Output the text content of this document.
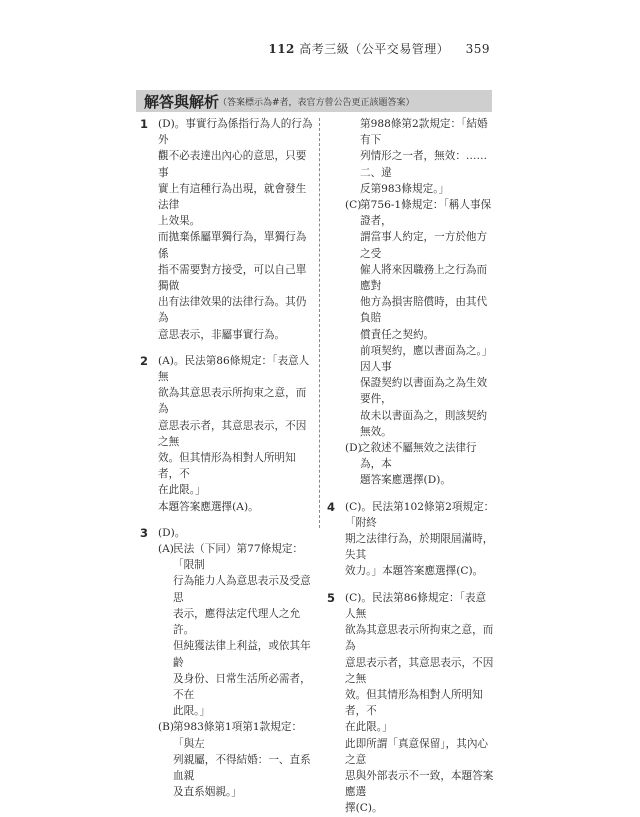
112 高考三級（公平交易管理） 359
解答與解析
（答案標示為#者，表官方曾公告更正該題答案）
1 (D)。事實行為係指行為人的行為外
觀不必表達出內心的意思，只要事
實上有這種行為出現，就會發生法律
上效果。
而拋棄係屬單獨行為，單獨行為係
指不需要對方接受，可以自己單獨做
出有法律效果的法律行為。其仍為
意思表示，非屬事實行為。
2 (A)。民法第86條規定：「表意人無
欲為其意思表示所拘束之意，而為
意思表示者，其意思表示，不因之無
效。但其情形為相對人所明知者，不
在此限。」
本題答案應選擇(A)。
3 (D)。
(A) 民法（下同）第77條規定：「限制
行為能力人為意思表示及受意思
表示，應得法定代理人之允許。
但純獲法律上利益，或依其年齡
及身份、日常生活所必需者，不在
此限。」
(B)
第983條第1項第1款規定：「與左
列親屬，不得結婚：一、直系血親
及直系姻親。」
第988條第2款規定：「結婚有下
列情形之一者，無效：……二、違
反第983條規定。」
(C)
第756-1條規定：「稱人事保證者，
謂當事人約定，一方於他方之受
僱人將來因職務上之行為而應對
他方為損害賠償時，由其代負賠
償責任之契約。
前項契約，應以書面為之。」因人事
保證契約以書面為之為生效要件，
故未以書面為之，則該契約無效。
(D)
之敘述不屬無效之法律行為，本
題答案應選擇(D)。
4 (C)。民法第102條第2項規定：「附終
期之法律行為，於期限屆滿時，失其
效力。」本題答案應選擇(C)。
5 (C)。民法第86條規定：「表意人無
欲為其意思表示所拘束之意，而為
意思表示者，其意思表示，不因之無
效。但其情形為相對人所明知者，不
在此限。」
此即所謂「真意保留」，其內心之意
思與外部表示不一致，本題答案應選
擇(C)。
